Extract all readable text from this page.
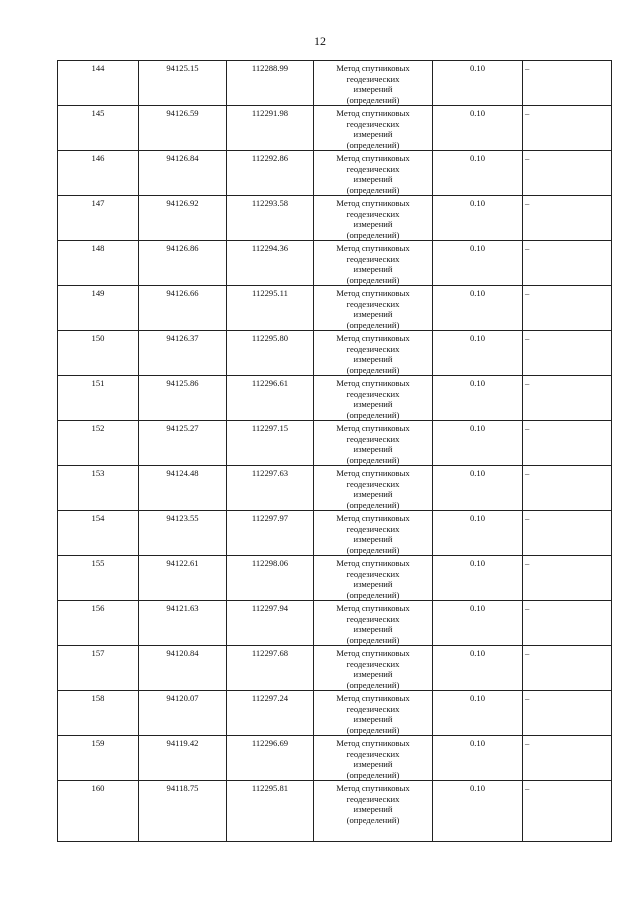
12
144	94125.15	112288.99	Метод спутниковых
геодезических
измерений
(определений)	0.10	–
145	94126.59	112291.98	Метод спутниковых
геодезических
измерений
(определений)	0.10	–
146	94126.84	112292.86	Метод спутниковых
геодезических
измерений
(определений)	0.10	–
147	94126.92	112293.58	Метод спутниковых
геодезических
измерений
(определений)	0.10	–
148	94126.86	112294.36	Метод спутниковых
геодезических
измерений
(определений)	0.10	–
149	94126.66	112295.11	Метод спутниковых
геодезических
измерений
(определений)	0.10	–
150	94126.37	112295.80	Метод спутниковых
геодезических
измерений
(определений)	0.10	–
151	94125.86	112296.61	Метод спутниковых
геодезических
измерений
(определений)	0.10	–
152	94125.27	112297.15	Метод спутниковых
геодезических
измерений
(определений)	0.10	–
153	94124.48	112297.63	Метод спутниковых
геодезических
измерений
(определений)	0.10	–
154	94123.55	112297.97	Метод спутниковых
геодезических
измерений
(определений)	0.10	–
155	94122.61	112298.06	Метод спутниковых
геодезических
измерений
(определений)	0.10	–
156	94121.63	112297.94	Метод спутниковых
геодезических
измерений
(определений)	0.10	–
157	94120.84	112297.68	Метод спутниковых
геодезических
измерений
(определений)	0.10	–
158	94120.07	112297.24	Метод спутниковых
геодезических
измерений
(определений)	0.10	–
159	94119.42	112296.69	Метод спутниковых
геодезических
измерений
(определений)	0.10	–
160	94118.75	112295.81	Метод спутниковых
геодезических
измерений
(определений)	0.10	–
